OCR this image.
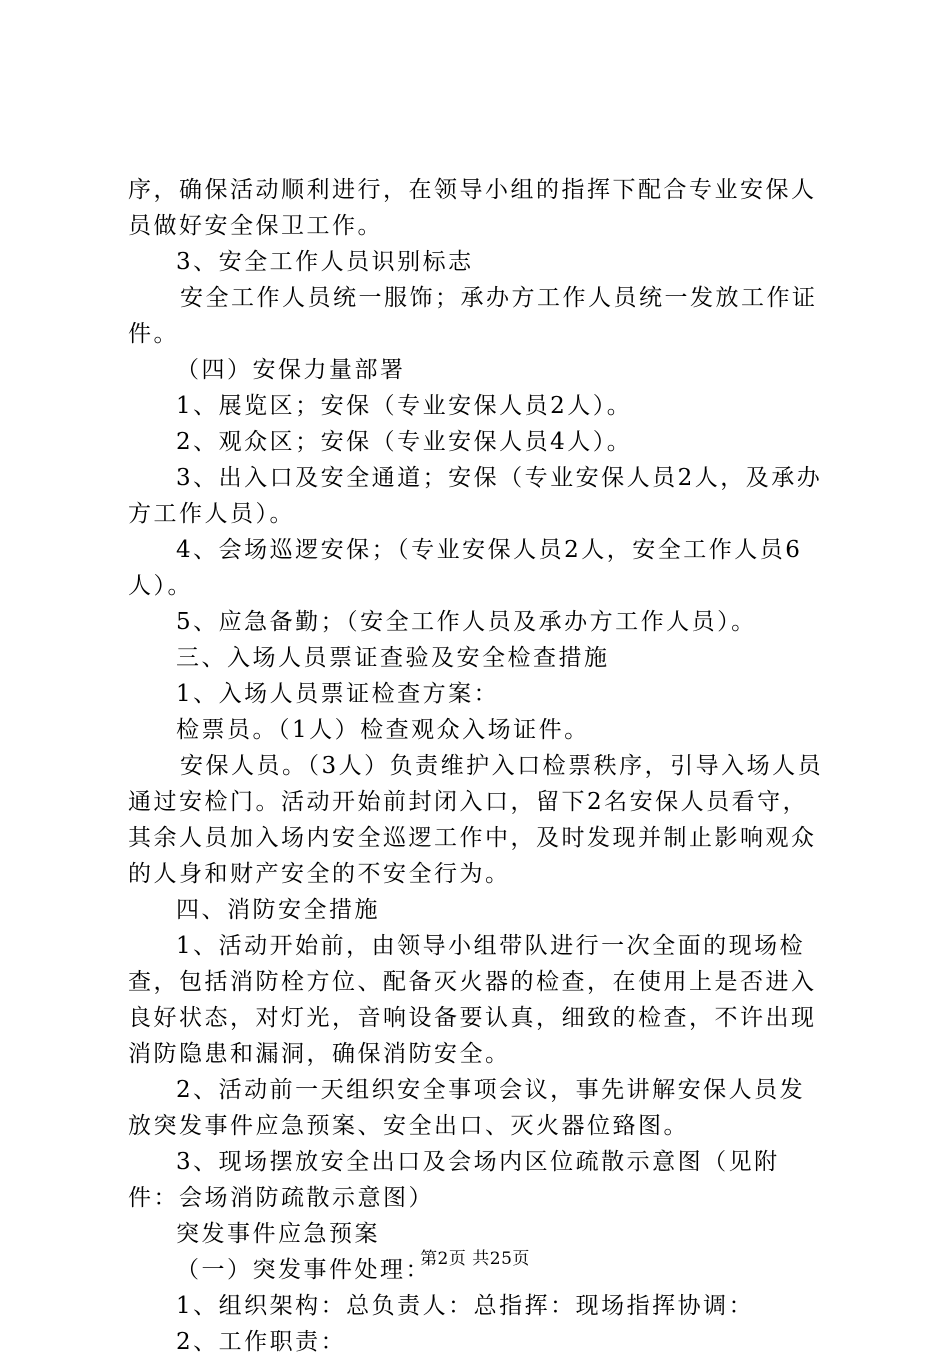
序，确保活动顺利进行，在领导小组的指挥下配合专业安保人员做好安全保卫工作。

3、安全工作人员识别标志

安全工作人员统一服饰；承办方工作人员统一发放工作证件。

（四）安保力量部署

1、展览区；安保（专业安保人员2人）。

2、观众区；安保（专业安保人员4人）。

3、出入口及安全通道；安保（专业安保人员2人，及承办方工作人员）。

4、会场巡逻安保；（专业安保人员2人，安全工作人员6人）。

5、应急备勤；（安全工作人员及承办方工作人员）。

三、入场人员票证查验及安全检查措施

1、入场人员票证检查方案：

检票员。（1人）检查观众入场证件。

安保人员。（3人）负责维护入口检票秩序，引导入场人员通过安检门。活动开始前封闭入口，留下2名安保人员看守，其余人员加入场内安全巡逻工作中，及时发现并制止影响观众的人身和财产安全的不安全行为。

四、消防安全措施

1、活动开始前，由领导小组带队进行一次全面的现场检查，包括消防栓方位、配备灭火器的检查，在使用上是否进入良好状态，对灯光，音响设备要认真，细致的检查，不许出现消防隐患和漏洞，确保消防安全。

2、活动前一天组织安全事项会议，事先讲解安保人员发放突发事件应急预案、安全出口、灭火器位臵图。

3、现场摆放安全出口及会场内区位疏散示意图（见附件：会场消防疏散示意图）

突发事件应急预案

（一）突发事件处理：

1、组织架构：总负责人：总指挥：现场指挥协调：

2、工作职责：

第2页 共25页
